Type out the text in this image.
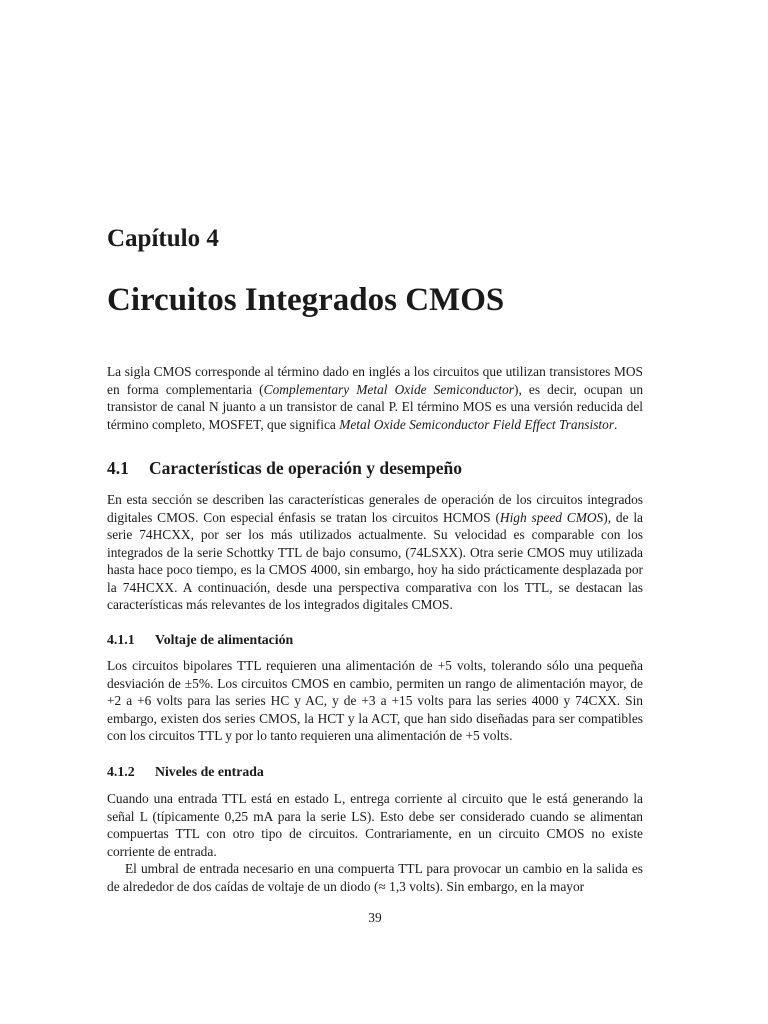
Capítulo 4
Circuitos Integrados CMOS

La sigla CMOS corresponde al término dado en inglés a los circuitos que utilizan transistores MOS en forma complementaria (Complementary Metal Oxide Semiconductor), es decir, ocupan un transistor de canal N juanto a un transistor de canal P. El término MOS es una versión reducida del término completo, MOSFET, que significa Metal Oxide Semiconductor Field Effect Transistor.

4.1 Características de operación y desempeño

En esta sección se describen las características generales de operación de los circuitos integrados digitales CMOS. Con especial énfasis se tratan los circuitos HCMOS (High speed CMOS), de la serie 74HCXX, por ser los más utilizados actualmente. Su velocidad es comparable con los integrados de la serie Schottky TTL de bajo consumo, (74LSXX). Otra serie CMOS muy utilizada hasta hace poco tiempo, es la CMOS 4000, sin embargo, hoy ha sido prácticamente desplazada por la 74HCXX. A continuación, desde una perspectiva comparativa con los TTL, se destacan las características más relevantes de los integrados digitales CMOS.

4.1.1 Voltaje de alimentación

Los circuitos bipolares TTL requieren una alimentación de +5 volts, tolerando sólo una pequeña desviación de ±5%. Los circuitos CMOS en cambio, permiten un rango de alimentación mayor, de +2 a +6 volts para las series HC y AC, y de +3 a +15 volts para las series 4000 y 74CXX. Sin embargo, existen dos series CMOS, la HCT y la ACT, que han sido diseñadas para ser compatibles con los circuitos TTL y por lo tanto requieren una alimentación de +5 volts.

4.1.2 Niveles de entrada

Cuando una entrada TTL está en estado L, entrega corriente al circuito que le está generando la señal L (típicamente 0,25 mA para la serie LS). Esto debe ser considerado cuando se alimentan compuertas TTL con otro tipo de circuitos. Contrariamente, en un circuito CMOS no existe corriente de entrada.

El umbral de entrada necesario en una compuerta TTL para provocar un cambio en la salida es de alrededor de dos caídas de voltaje de un diodo (≈ 1,3 volts). Sin embargo, en la mayor

39
